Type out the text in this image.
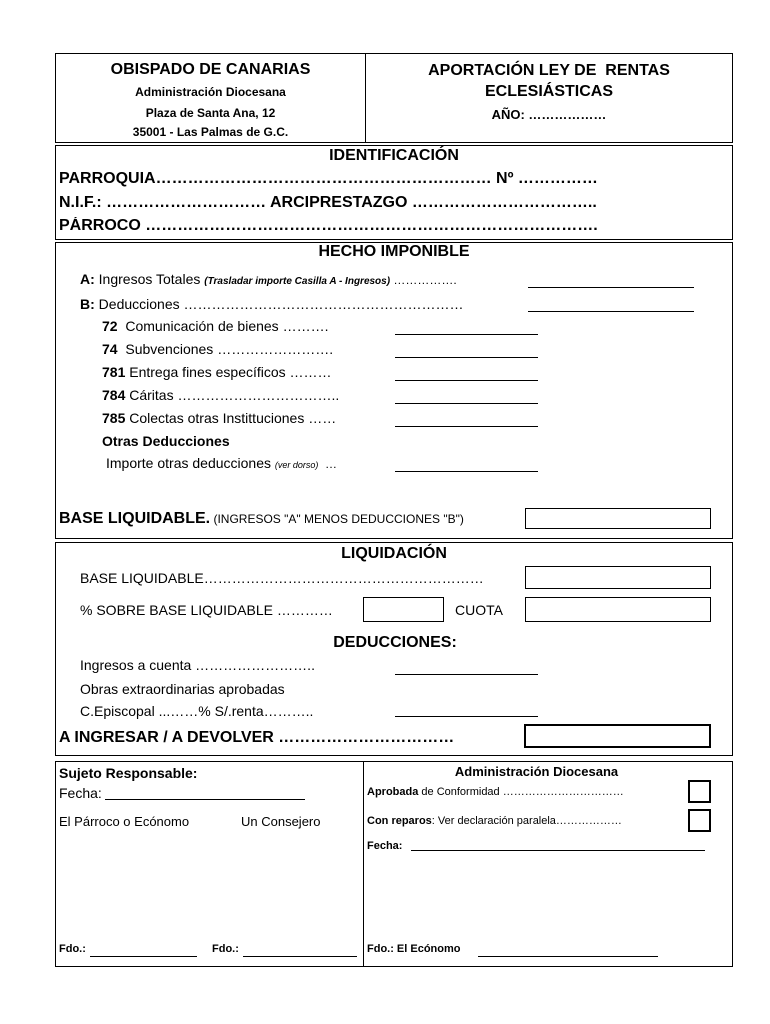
OBISPADO DE CANARIAS
Administración Diocesana
Plaza de Santa Ana, 12
35001 - Las Palmas de G.C.
APORTACIÓN LEY DE  RENTAS
ECLESIÁSTICAS
AÑO: ………………
IDENTIFICACIÓN
PARROQUIA……………………………………………………… Nº ……………
N.I.F.: ………………………… ARCIPRESTAZGO ……………………………..
PÁRROCO ………………………………………………………………………….
HECHO IMPONIBLE
A: Ingresos Totales (Trasladar importe Casilla A - Ingresos) …………….
B: Deducciones ……………………………………………………
72  Comunicación de bienes ……….
74  Subvenciones …………………….
781 Entrega fines específicos ………
784 Cáritas ……………………………..
785 Colectas otras Instittuciones ……
Otras Deducciones
Importe otras deducciones (ver dorso)  …
BASE LIQUIDABLE. (INGRESOS "A" MENOS DEDUCCIONES "B")
LIQUIDACIÓN
BASE LIQUIDABLE……………………………………………………
% SOBRE BASE LIQUIDABLE …………	CUOTA
DEDUCCIONES:
Ingresos a cuenta ……………………..
Obras extraordinarias aprobadas
C.Episcopal ...……% S/.renta………..
A INGRESAR / A DEVOLVER ……………………………
Sujeto Responsable:
Fecha:
El Párroco o Ecónomo	Un Consejero
Fdo.:	Fdo.:
Administración Diocesana
Aprobada de Conformidad ……………………………
Con reparos: Ver declaración paralela………………
Fecha:
Fdo.: El Ecónomo
